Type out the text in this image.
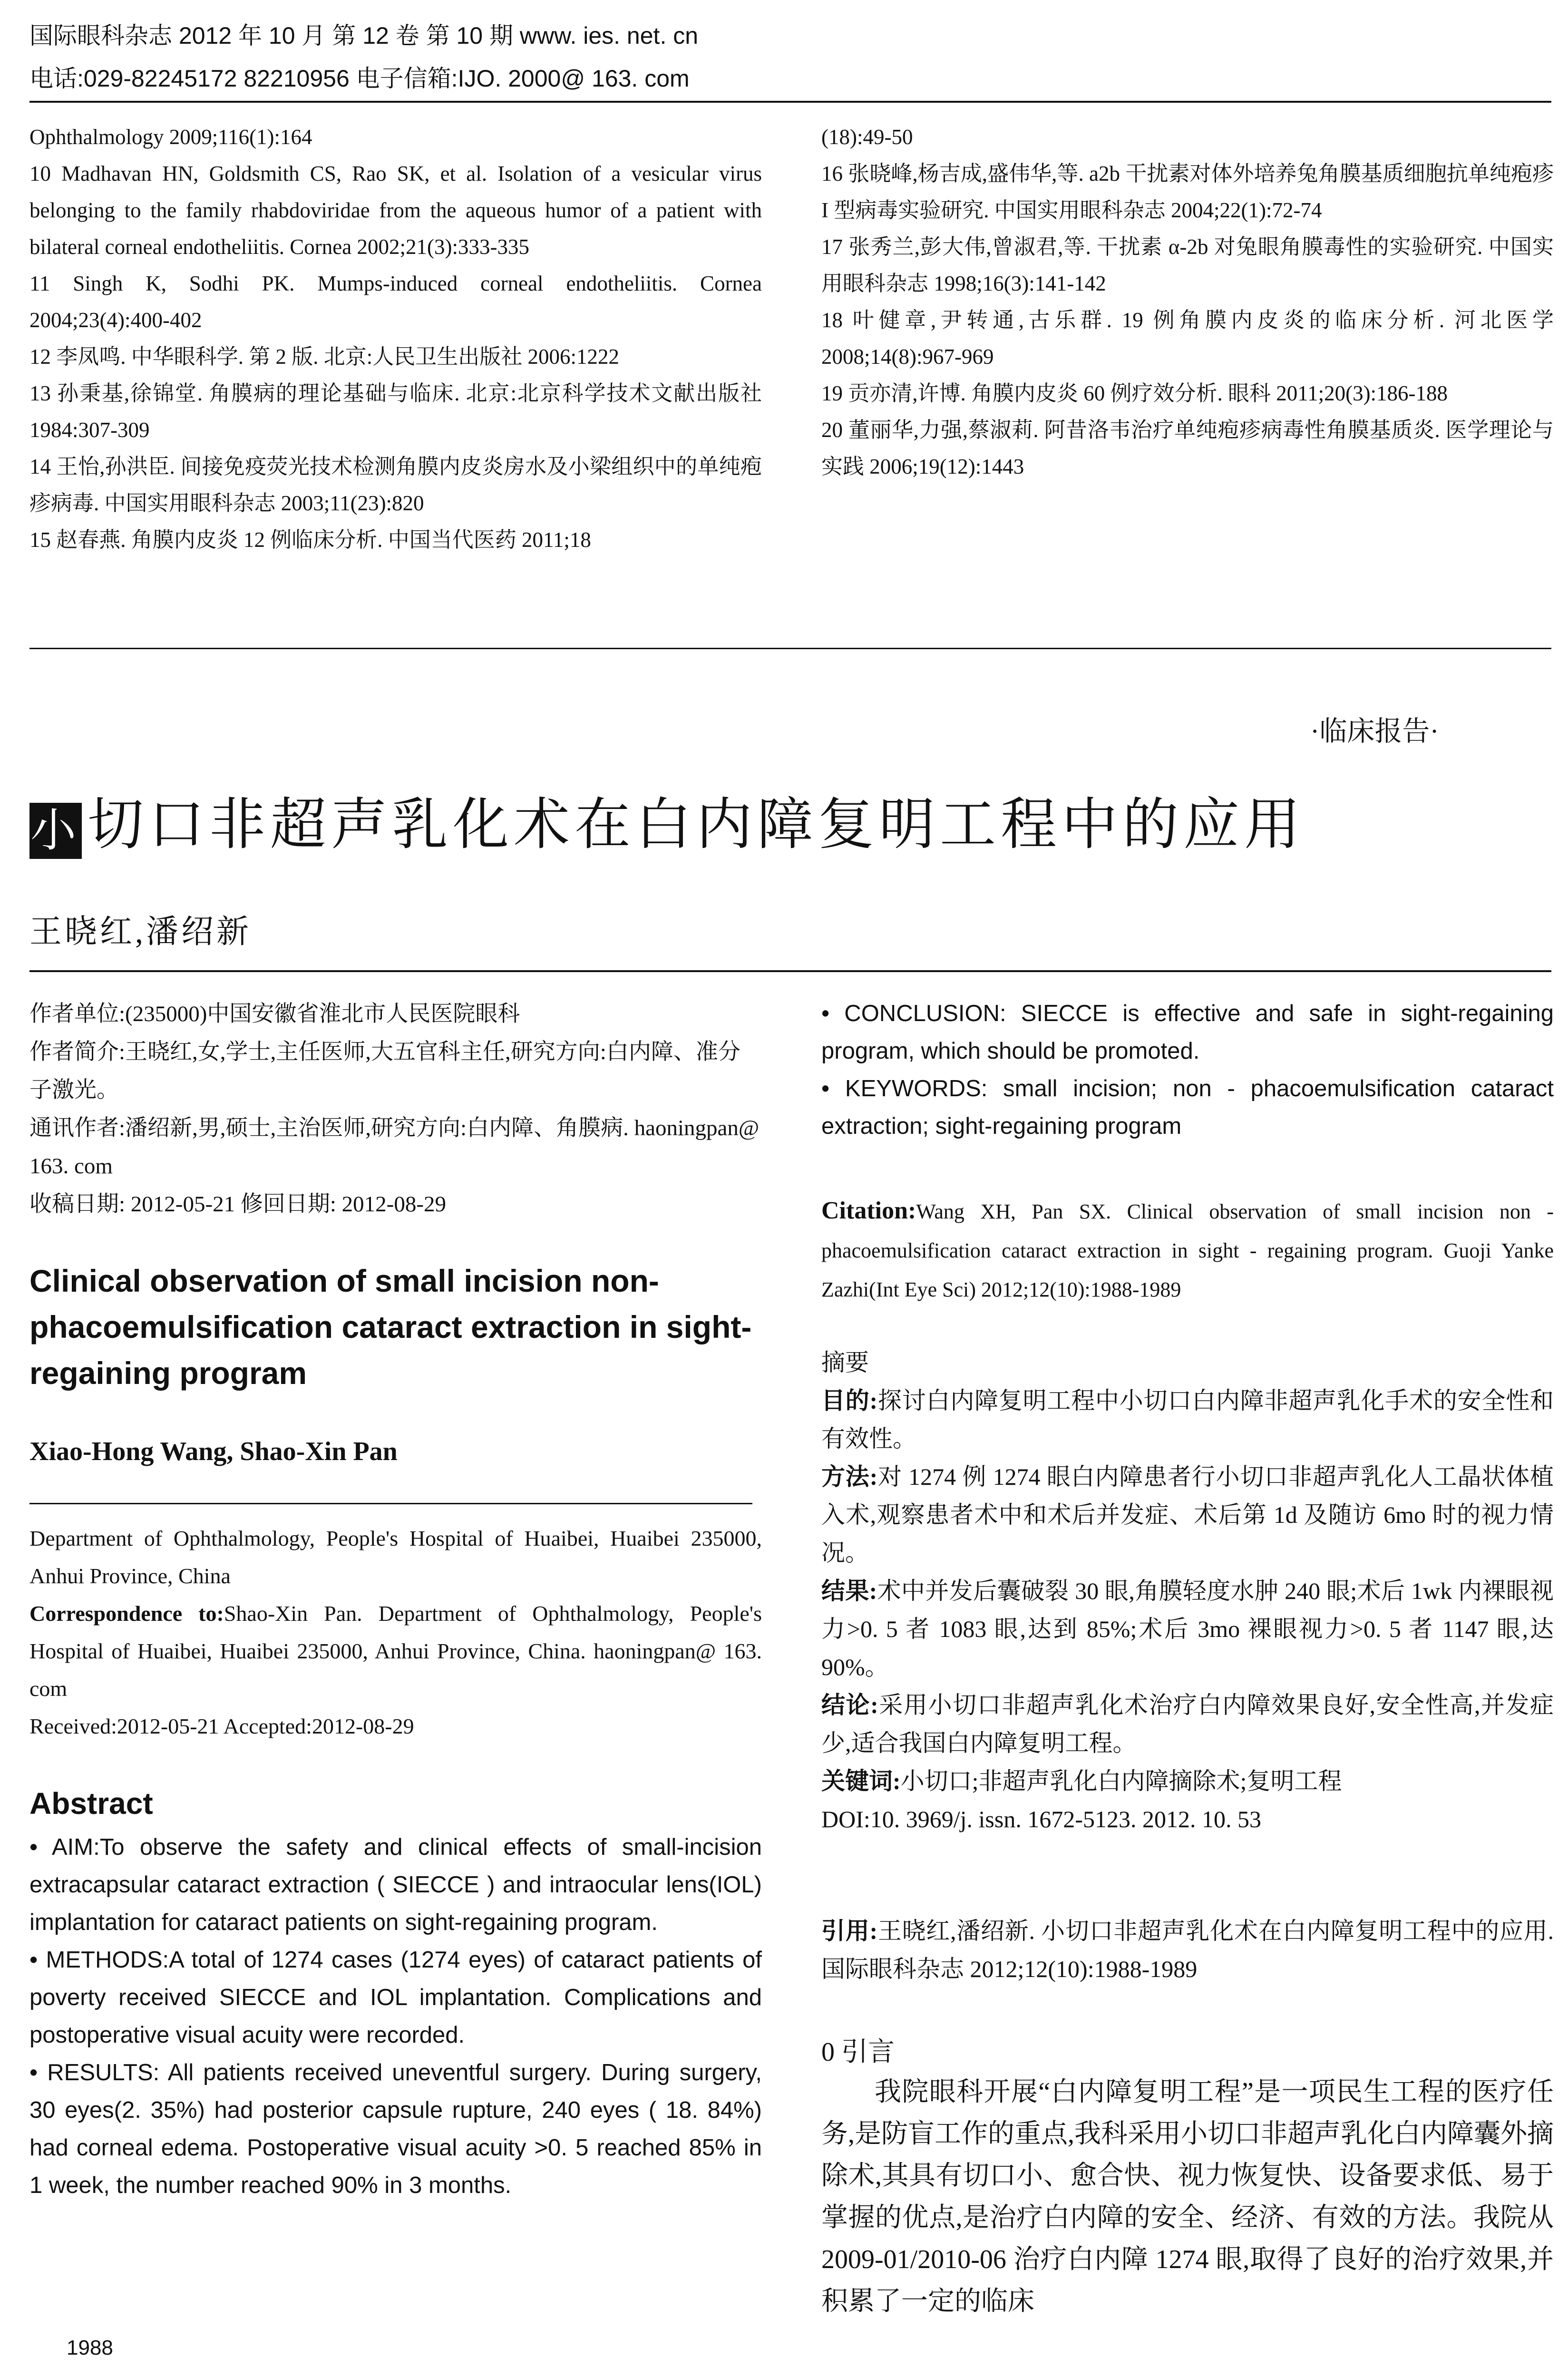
国际眼科杂志 2012 年 10 月 第 12 卷 第 10 期 www. ies. net. cn
电话:029-82245172 82210956 电子信箱:IJO. 2000@ 163. com

Ophthalmology 2009;116(1):164

10 Madhavan HN, Goldsmith CS, Rao SK, et al. Isolation of a vesicular virus belonging to the family rhabdoviridae from the aqueous humor of a patient with bilateral corneal endotheliitis. Cornea 2002;21(3):333-335

11 Singh K, Sodhi PK. Mumps-induced corneal endotheliitis. Cornea 2004;23(4):400-402

12 李凤鸣. 中华眼科学. 第 2 版. 北京:人民卫生出版社 2006:1222

13 孙秉基,徐锦堂. 角膜病的理论基础与临床. 北京:北京科学技术文献出版社 1984:307-309

14 王怡,孙洪臣. 间接免疫荧光技术检测角膜内皮炎房水及小梁组织中的单纯疱疹病毒. 中国实用眼科杂志 2003;11(23):820

15 赵春燕. 角膜内皮炎 12 例临床分析. 中国当代医药 2011;18

(18):49-50

16 张晓峰,杨吉成,盛伟华,等. a2b 干扰素对体外培养兔角膜基质细胞抗单纯疱疹 I 型病毒实验研究. 中国实用眼科杂志 2004;22(1):72-74

17 张秀兰,彭大伟,曾淑君,等. 干扰素 α-2b 对兔眼角膜毒性的实验研究. 中国实用眼科杂志 1998;16(3):141-142

18 叶健章,尹转通,古乐群. 19 例角膜内皮炎的临床分析. 河北医学 2008;14(8):967-969

19 贡亦清,许博. 角膜内皮炎 60 例疗效分析. 眼科 2011;20(3):186-188

20 董丽华,力强,蔡淑莉. 阿昔洛韦治疗单纯疱疹病毒性角膜基质炎. 医学理论与实践 2006;19(12):1443

·临床报告·
小 切口非超声乳化术在白内障复明工程中的应用
王晓红,潘绍新

作者单位:(235000)中国安徽省淮北市人民医院眼科

作者简介:王晓红,女,学士,主任医师,大五官科主任,研究方向:白内障、准分子激光。

通讯作者:潘绍新,男,硕士,主治医师,研究方向:白内障、角膜病. haoningpan@ 163. com

收稿日期: 2012-05-21 修回日期: 2012-08-29

Clinical observation of small incision non-phacoemulsification cataract extraction in sight-regaining program
Xiao-Hong Wang, Shao-Xin Pan

Department of Ophthalmology, People's Hospital of Huaibei, Huaibei 235000, Anhui Province, China

Correspondence to:Shao-Xin Pan. Department of Ophthalmology, People's Hospital of Huaibei, Huaibei 235000, Anhui Province, China. haoningpan@ 163. com

Received:2012-05-21 Accepted:2012-08-29

Abstract

• AIM:To observe the safety and clinical effects of small-incision extracapsular cataract extraction ( SIECCE ) and intraocular lens(IOL) implantation for cataract patients on sight-regaining program.

• METHODS:A total of 1274 cases (1274 eyes) of cataract patients of poverty received SIECCE and IOL implantation. Complications and postoperative visual acuity were recorded.

• RESULTS: All patients received uneventful surgery. During surgery, 30 eyes(2. 35%) had posterior capsule rupture, 240 eyes ( 18. 84%) had corneal edema. Postoperative visual acuity >0. 5 reached 85% in 1 week, the number reached 90% in 3 months.

1988

• CONCLUSION: SIECCE is effective and safe in sight-regaining program, which should be promoted.

• KEYWORDS: small incision; non - phacoemulsification cataract extraction; sight-regaining program

Citation:Wang XH, Pan SX. Clinical observation of small incision non - phacoemulsification cataract extraction in sight - regaining program. Guoji Yanke Zazhi(Int Eye Sci) 2012;12(10):1988-1989

摘要

目的:探讨白内障复明工程中小切口白内障非超声乳化手术的安全性和有效性。

方法:对 1274 例 1274 眼白内障患者行小切口非超声乳化人工晶状体植入术,观察患者术中和术后并发症、术后第 1d 及随访 6mo 时的视力情况。

结果:术中并发后囊破裂 30 眼,角膜轻度水肿 240 眼;术后 1wk 内裸眼视力>0. 5 者 1083 眼,达到 85%;术后 3mo 裸眼视力>0. 5 者 1147 眼,达 90%。

结论:采用小切口非超声乳化术治疗白内障效果良好,安全性高,并发症少,适合我国白内障复明工程。

关键词:小切口;非超声乳化白内障摘除术;复明工程

DOI:10. 3969/j. issn. 1672-5123. 2012. 10. 53

引用:王晓红,潘绍新. 小切口非超声乳化术在白内障复明工程中的应用. 国际眼科杂志 2012;12(10):1988-1989

0 引言

我院眼科开展“白内障复明工程”是一项民生工程的医疗任务,是防盲工作的重点,我科采用小切口非超声乳化白内障囊外摘除术,其具有切口小、愈合快、视力恢复快、设备要求低、易于掌握的优点,是治疗白内障的安全、经济、有效的方法。我院从 2009-01/2010-06 治疗白内障 1274 眼,取得了良好的治疗效果,并积累了一定的临床
